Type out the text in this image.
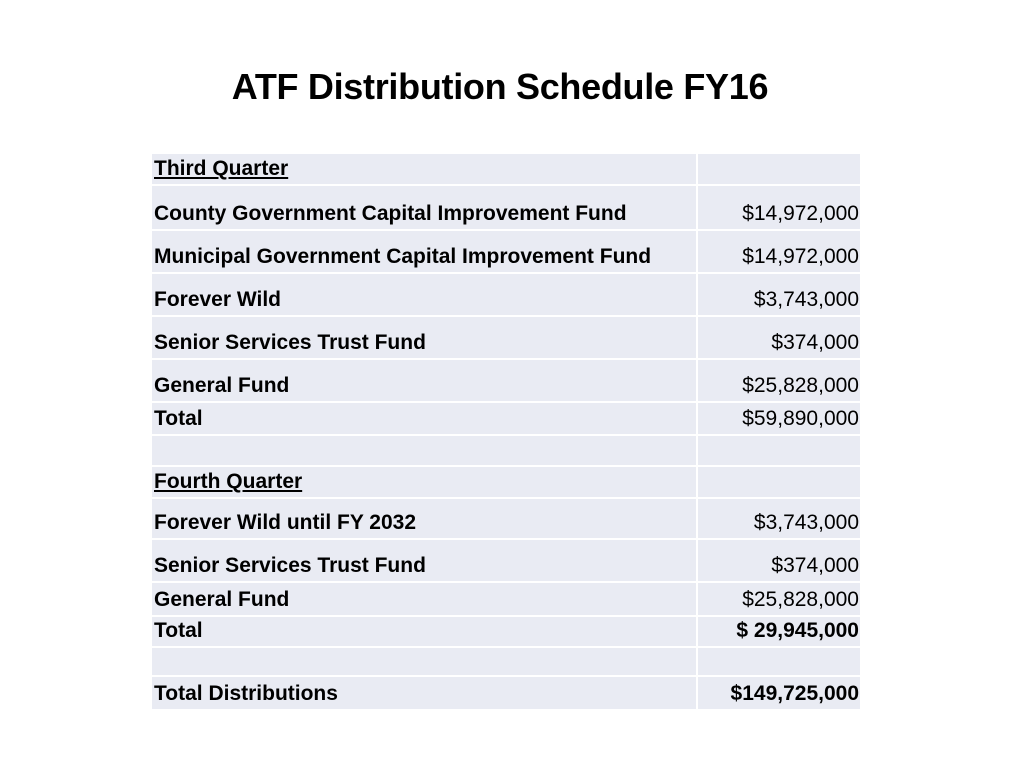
ATF Distribution Schedule FY16
Third Quarter
County Government Capital Improvement Fund	$14,972,000
Municipal Government Capital Improvement Fund	$14,972,000
Forever Wild	$3,743,000
Senior Services Trust Fund	$374,000
General Fund	$25,828,000
Total	$59,890,000
Fourth Quarter
Forever Wild until FY 2032	$3,743,000
Senior Services Trust Fund	$374,000
General Fund	$25,828,000
Total	$ 29,945,000
Total Distributions	$149,725,000
